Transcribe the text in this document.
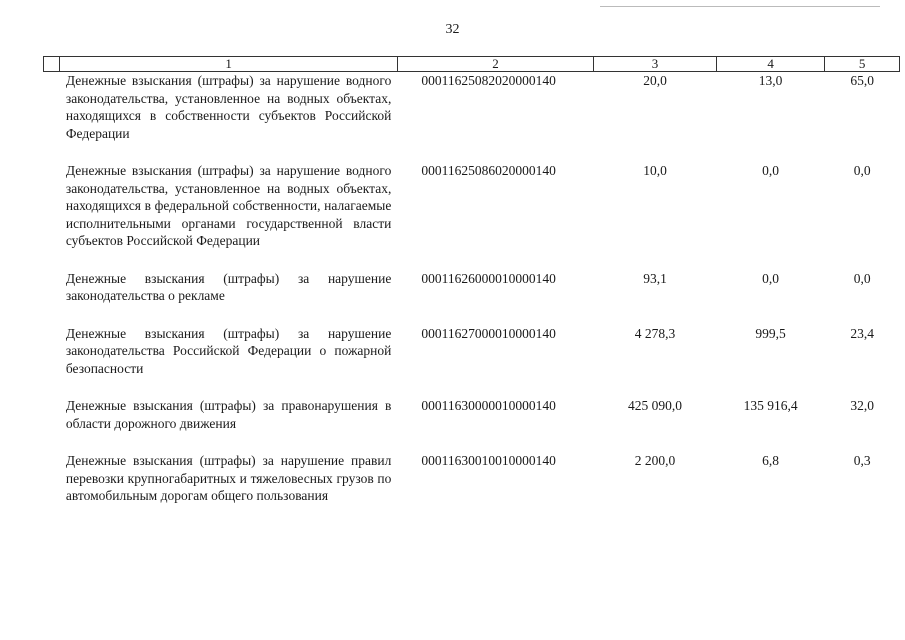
32
	1	2	3	4	5
	Денежные взыскания (штрафы) за нарушение водного законодательства, установленное на водных объектах, находящихся в собственности субъектов Российской Федерации	00011625082020000140	20,0	13,0	65,0
	Денежные взыскания (штрафы) за нарушение водного законодательства, установленное на водных объектах, находящихся в федеральной собственности, налагаемые исполнительными органами государственной власти субъектов Российской Федерации	00011625086020000140	10,0	0,0	0,0
	Денежные взыскания (штрафы) за нарушение законодательства о рекламе	00011626000010000140	93,1	0,0	0,0
	Денежные взыскания (штрафы) за нарушение законодательства Российской Федерации о пожарной безопасности	00011627000010000140	4 278,3	999,5	23,4
	Денежные взыскания (штрафы) за правонарушения в области дорожного движения	00011630000010000140	425 090,0	135 916,4	32,0
	Денежные взыскания (штрафы) за нарушение правил перевозки крупногабаритных и тяжеловесных грузов по автомобильным дорогам общего пользования	00011630010010000140	2 200,0	6,8	0,3
